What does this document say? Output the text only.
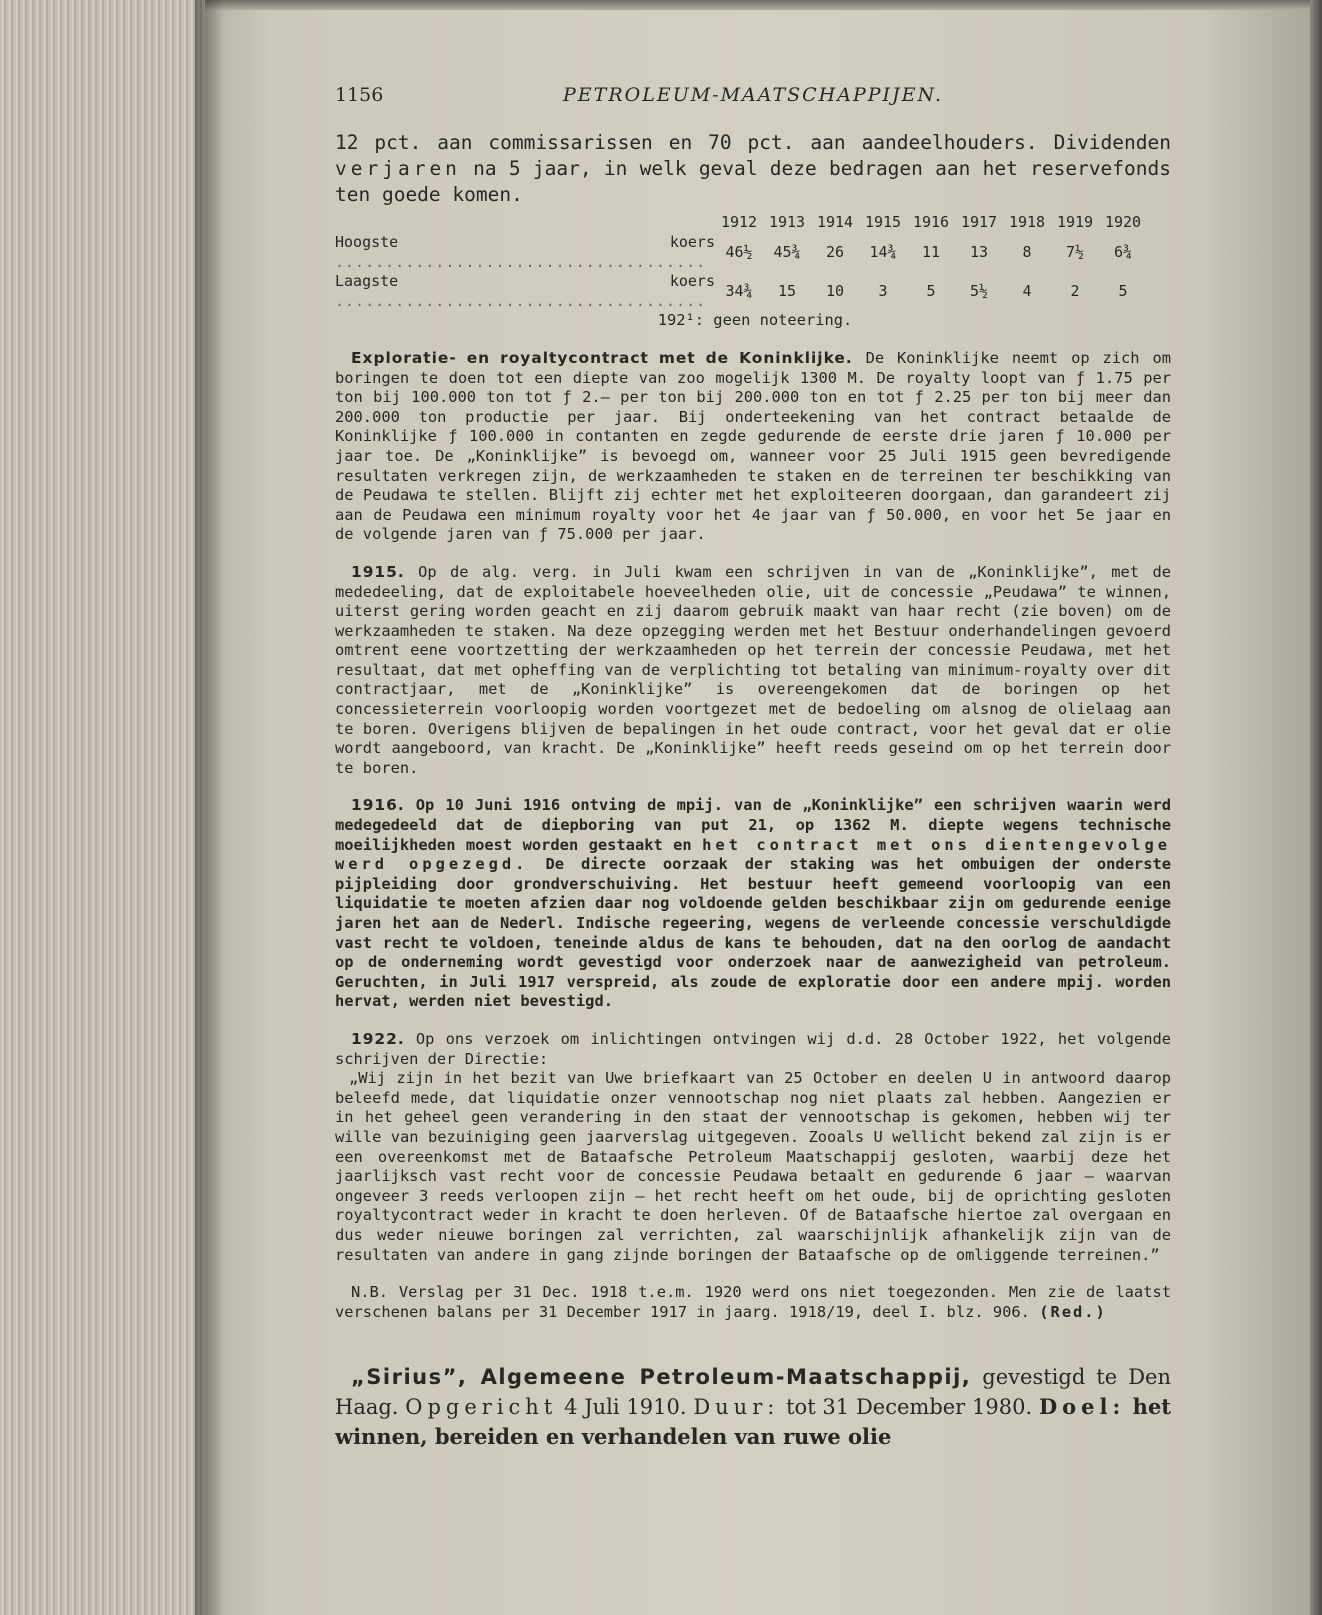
PETROLEUM-MAATSCHAPPIJEN.
1156

12 pct. aan commissarissen en 70 pct. aan aandeelhouders. Dividenden verjaren na 5 jaar, in welk geval deze bedragen aan het reservefonds ten goede komen.

	1912	1913	1914	1915	1916	1917	1918	1919	1920
Hoogste koers .....................................	46½	45¾	26	14¾	11	13	8	7½	6¾
Laagste koers .....................................	34¾	15	10	3	5	5½	4	2	5

192¹: geen noteering.

Exploratie- en royaltycontract met de Koninklijke. De Koninklijke neemt op zich om boringen te doen tot een diepte van zoo mogelijk 1300 M. De royalty loopt van ƒ 1.75 per ton bij 100.000 ton tot ƒ 2.— per ton bij 200.000 ton en tot ƒ 2.25 per ton bij meer dan 200.000 ton productie per jaar. Bij onderteekening van het contract betaalde de Koninklijke ƒ 100.000 in contanten en zegde gedurende de eerste drie jaren ƒ 10.000 per jaar toe. De „Koninklijke” is bevoegd om, wanneer voor 25 Juli 1915 geen bevredigende resultaten verkregen zijn, de werkzaamheden te staken en de terreinen ter beschikking van de Peudawa te stellen. Blijft zij echter met het exploiteeren doorgaan, dan garandeert zij aan de Peudawa een minimum royalty voor het 4e jaar van ƒ 50.000, en voor het 5e jaar en de volgende jaren van ƒ 75.000 per jaar.

1915. Op de alg. verg. in Juli kwam een schrijven in van de „Koninklijke”, met de mededeeling, dat de exploitabele hoeveelheden olie, uit de concessie „Peudawa” te winnen, uiterst gering worden geacht en zij daarom gebruik maakt van haar recht (zie boven) om de werkzaamheden te staken. Na deze opzegging werden met het Bestuur onderhandelingen gevoerd omtrent eene voortzetting der werkzaamheden op het terrein der concessie Peudawa, met het resultaat, dat met opheffing van de verplichting tot betaling van minimum-royalty over dit contractjaar, met de „Koninklijke” is overeengekomen dat de boringen op het concessieterrein voorloopig worden voortgezet met de bedoeling om alsnog de olielaag aan te boren. Overigens blijven de bepalingen in het oude contract, voor het geval dat er olie wordt aangeboord, van kracht. De „Koninklijke” heeft reeds geseind om op het terrein door te boren.

1916. Op 10 Juni 1916 ontving de mpij. van de „Koninklijke” een schrijven waarin werd medegedeeld dat de diepboring van put 21, op 1362 M. diepte wegens technische moeilijkheden moest worden gestaakt en het contract met ons dientengevolge werd opgezegd. De directe oorzaak der staking was het ombuigen der onderste pijpleiding door grondverschuiving. Het bestuur heeft gemeend voorloopig van een liquidatie te moeten afzien daar nog voldoende gelden beschikbaar zijn om gedurende eenige jaren het aan de Nederl. Indische regeering, wegens de verleende concessie verschuldigde vast recht te voldoen, teneinde aldus de kans te behouden, dat na den oorlog de aandacht op de onderneming wordt gevestigd voor onderzoek naar de aanwezigheid van petroleum. Geruchten, in Juli 1917 verspreid, als zoude de exploratie door een andere mpij. worden hervat, werden niet bevestigd.

1922. Op ons verzoek om inlichtingen ontvingen wij d.d. 28 October 1922, het volgende schrijven der Directie:

„Wij zijn in het bezit van Uwe briefkaart van 25 October en deelen U in antwoord daarop beleefd mede, dat liquidatie onzer vennootschap nog niet plaats zal hebben. Aangezien er in het geheel geen verandering in den staat der vennootschap is gekomen, hebben wij ter wille van bezuiniging geen jaarverslag uitgegeven. Zooals U wellicht bekend zal zijn is er een overeenkomst met de Bataafsche Petroleum Maatschappij gesloten, waarbij deze het jaarlijksch vast recht voor de concessie Peudawa betaalt en gedurende 6 jaar — waarvan ongeveer 3 reeds verloopen zijn — het recht heeft om het oude, bij de oprichting gesloten royaltycontract weder in kracht te doen herleven. Of de Bataafsche hiertoe zal overgaan en dus weder nieuwe boringen zal verrichten, zal waarschijnlijk afhankelijk zijn van de resultaten van andere in gang zijnde boringen der Bataafsche op de omliggende terreinen.”

N.B. Verslag per 31 Dec. 1918 t.e.m. 1920 werd ons niet toegezonden. Men zie de laatst verschenen balans per 31 December 1917 in jaarg. 1918/19, deel I. blz. 906. (Red.)

„Sirius”, Algemeene Petroleum-Maatschappij, gevestigd te Den Haag. Opgericht 4 Juli 1910. Duur: tot 31 December 1980. Doel: het winnen, bereiden en verhandelen van ruwe olie
